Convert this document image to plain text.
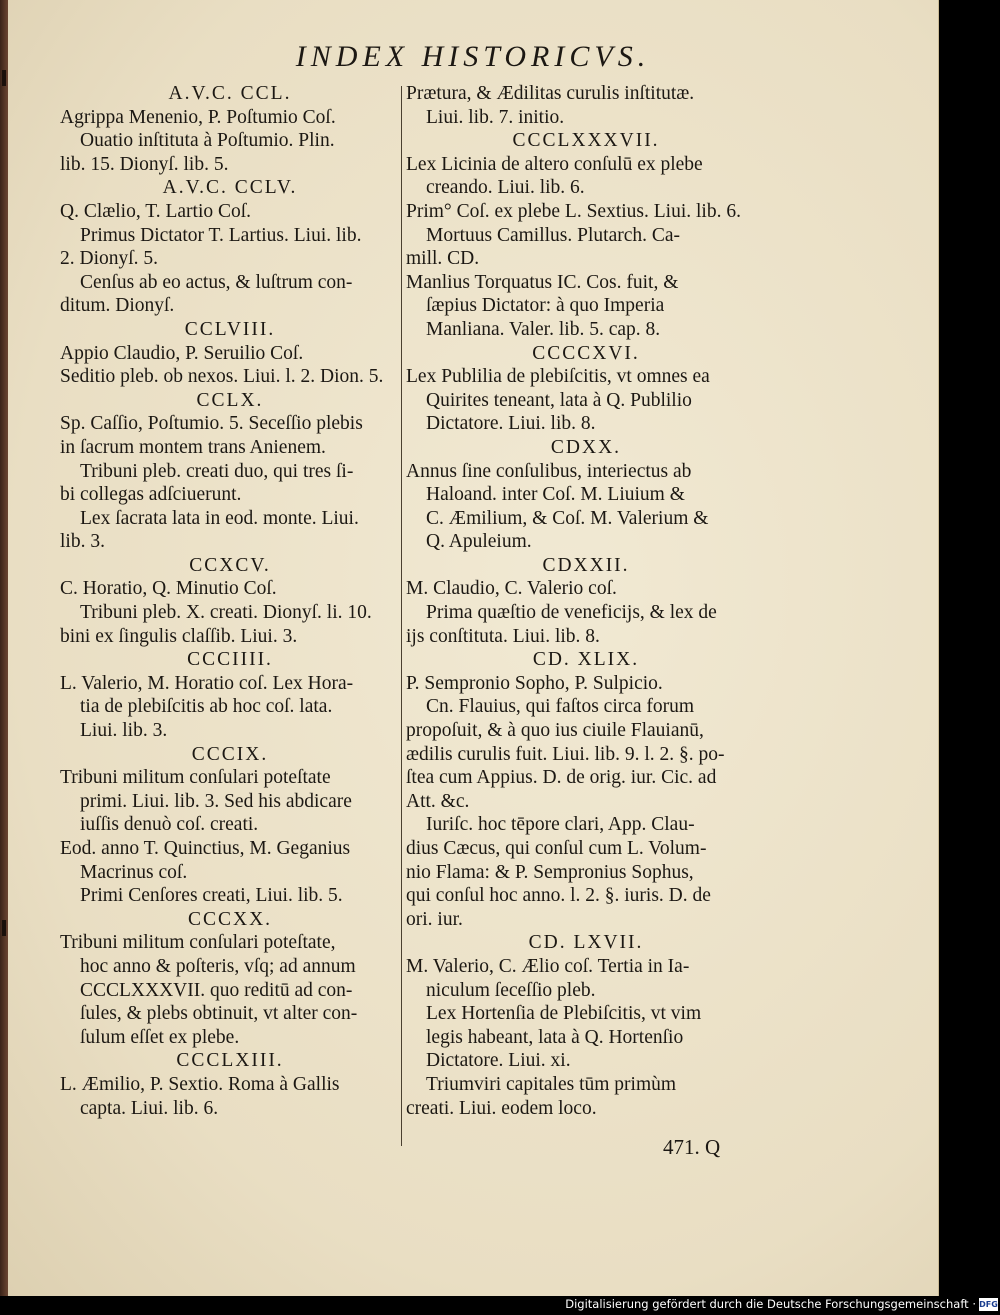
INDEX HISTORICVS.
A.V.C. CCL.
Agrippa Menenio, P. Poſtumio Coſ.
Ouatio inſtituta à Poſtumio. Plin.
lib. 15. Dionyſ. lib. 5.
A.V.C. CCLV.
Q. Clælio, T. Lartio Coſ.
Primus Dictator T. Lartius. Liui. lib.
2. Dionyſ. 5.
Cenſus ab eo actus, & luſtrum con-
ditum. Dionyſ.
CCLVIII.
Appio Claudio, P. Seruilio Coſ.
Seditio pleb. ob nexos. Liui. l. 2. Dion. 5.
CCLX.
Sp. Caſſio, Poſtumio. 5. Seceſſio plebis
in ſacrum montem trans Anienem.
Tribuni pleb. creati duo, qui tres ſi-
bi collegas adſciuerunt.
Lex ſacrata lata in eod. monte. Liui.
lib. 3.
CCXCV.
C. Horatio, Q. Minutio Coſ.
Tribuni pleb. X. creati. Dionyſ. li. 10.
bini ex ſingulis claſſib. Liui. 3.
CCCIIII.
L. Valerio, M. Horatio coſ. Lex Hora-
tia de plebiſcitis ab hoc coſ. lata.
Liui. lib. 3.
CCCIX.
Tribuni militum conſulari poteſtate
primi. Liui. lib. 3. Sed his abdicare
iuſſis denuò coſ. creati.
Eod. anno T. Quinctius, M. Geganius
Macrinus coſ.
Primi Cenſores creati, Liui. lib. 5.
CCCXX.
Tribuni militum conſulari poteſtate,
hoc anno & poſteris, vſq; ad annum
CCCLXXXVII. quo reditū ad con-
ſules, & plebs obtinuit, vt alter con-
ſulum eſſet ex plebe.
CCCLXIII.
L. Æmilio, P. Sextio. Roma à Gallis
capta. Liui. lib. 6.
Prætura, & Ædilitas curulis inſtitutæ.
Liui. lib. 7. initio.
CCCLXXXVII.
Lex Licinia de altero conſulū ex plebe
creando. Liui. lib. 6.
Prim° Coſ. ex plebe L. Sextius. Liui. lib. 6.
Mortuus Camillus. Plutarch. Ca-
mill. CD.
Manlius Torquatus IC. Cos. fuit, &
ſæpius Dictator: à quo Imperia
Manliana. Valer. lib. 5. cap. 8.
CCCCXVI.
Lex Publilia de plebiſcitis, vt omnes ea
Quirites teneant, lata à Q. Publilio
Dictatore. Liui. lib. 8.
CDXX.
Annus ſine conſulibus, interiectus ab
Haloand. inter Coſ. M. Liuium &
C. Æmilium, & Coſ. M. Valerium &
Q. Apuleium.
CDXXII.
M. Claudio, C. Valerio coſ.
Prima quæſtio de veneficijs, & lex de
ijs conſtituta. Liui. lib. 8.
CD. XLIX.
P. Sempronio Sopho, P. Sulpicio.
Cn. Flauius, qui faſtos circa forum
propoſuit, & à quo ius ciuile Flauianū,
ædilis curulis fuit. Liui. lib. 9. l. 2. §. po-
ſtea cum Appius. D. de orig. iur. Cic. ad
Att. &c.
Iuriſc. hoc tēpore clari, App. Clau-
dius Cæcus, qui conſul cum L. Volum-
nio Flama: & P. Sempronius Sophus,
qui conſul hoc anno. l. 2. §. iuris. D. de
ori. iur.
CD. LXVII.
M. Valerio, C. Ælio coſ. Tertia in Ia-
niculum ſeceſſio pleb.
Lex Hortenſia de Plebiſcitis, vt vim
legis habeant, lata à Q. Hortenſio
Dictatore. Liui. xi.
Triumviri capitales tūm primùm
creati. Liui. eodem loco.
471. Q
Digitalisierung gefördert durch die Deutsche Forschungsgemeinschaft · DFG
